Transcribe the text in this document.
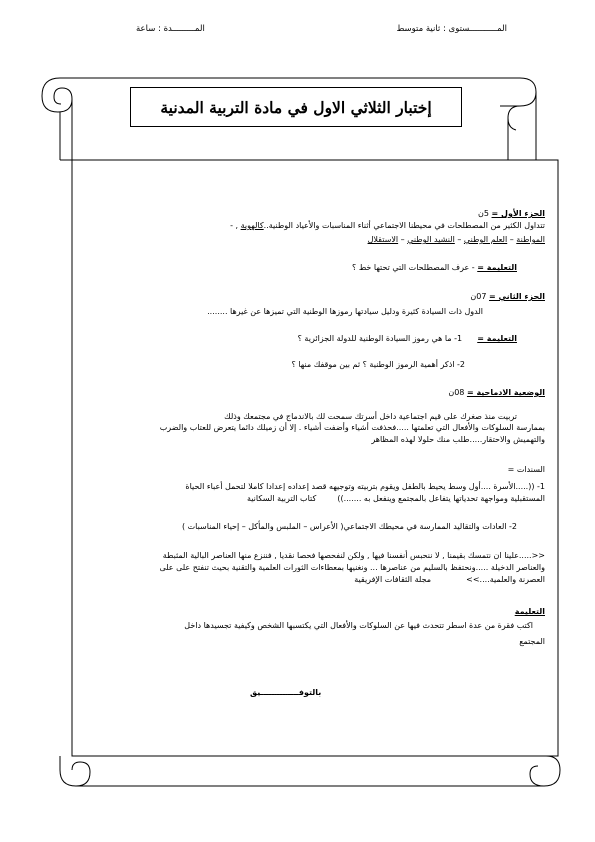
المـــــــــــستوى : ثانية متوسط
المـــــــــدة : ساعة
إختبار الثلاثي الاول في مادة التربية المدنية
الجزء الأول = 5ن
تتداول الكثير من المصطلحات في محيطنا الاجتماعي أثناء المناسبات والأعياد الوطنية..كالهوية , -
المواطنة – العلم الوطني – النشيد الوطني – الاستقلال
التعليمة = - عرف المصطلحات التي تحتها خط ؟
الجزء الثاني = 07ن
الدول ذات السيادة كثيرة ودليل سيادتها رموزها الوطنية التي تميزها عن غيرها ........
التعليمة =  1- ما هي رموز السيادة الوطنية للدولة الجزائرية ؟
2- اذكر أهمية الرموز الوطنية ؟ ثم بين موقفك منها ؟
الوضعية الادماجية = 08ن
تربيت منذ صغرك على قيم اجتماعية داخل أسرتك سمحت لك بالاندماج في مجتمعك وذلك
بممارسة السلوكات والأفعال التي تعلمتها .....فحذفت أشياء وأضفت أشياء . إلا أن زميلك دائما يتعرض للعتاب والضرب
والتهميش والاحتقار.....طلب منك حلولا لهذه المظاهر
السندات =
1- ((.....الأسرة ....أول وسط يحيط بالطفل ويقوم بتربيته وتوجيهه قصد إعداده إعدادا كاملا لتحمل أعباء الحياة
المستقبلية ومواجهة تحدياتها يتفاعل بالمجتمع وينفعل به .......))  كتاب التربية السكانية
2- العادات والتقاليد الممارسة في محيطك الاجتماعي( الأعراس – الملبس والمأكل – إحياء المناسبات )
<<.....علينا ان نتمسك بقيمنا , لا ننحبس أنفسنا فيها , ولكن لنفحصها فحصا نقديا , فننزع منها العناصر البالية المثبطة
والعناصر الدخيلة .....ونحتفظ بالسليم من عناصرها ... ونغنيها بمعطاءات الثورات العلمية والتقنية بحيث تنفتح على على
العصرنة والعلمية....>>  مجلة الثقافات الإفريقية
التعليمة
اكتب فقرة من عدة اسطر تتحدث فيها عن السلوكات والأفعال التي يكتسبها الشخص وكيفية تجسيدها داخل
المجتمع
بالتوفــــــــــــــيق
